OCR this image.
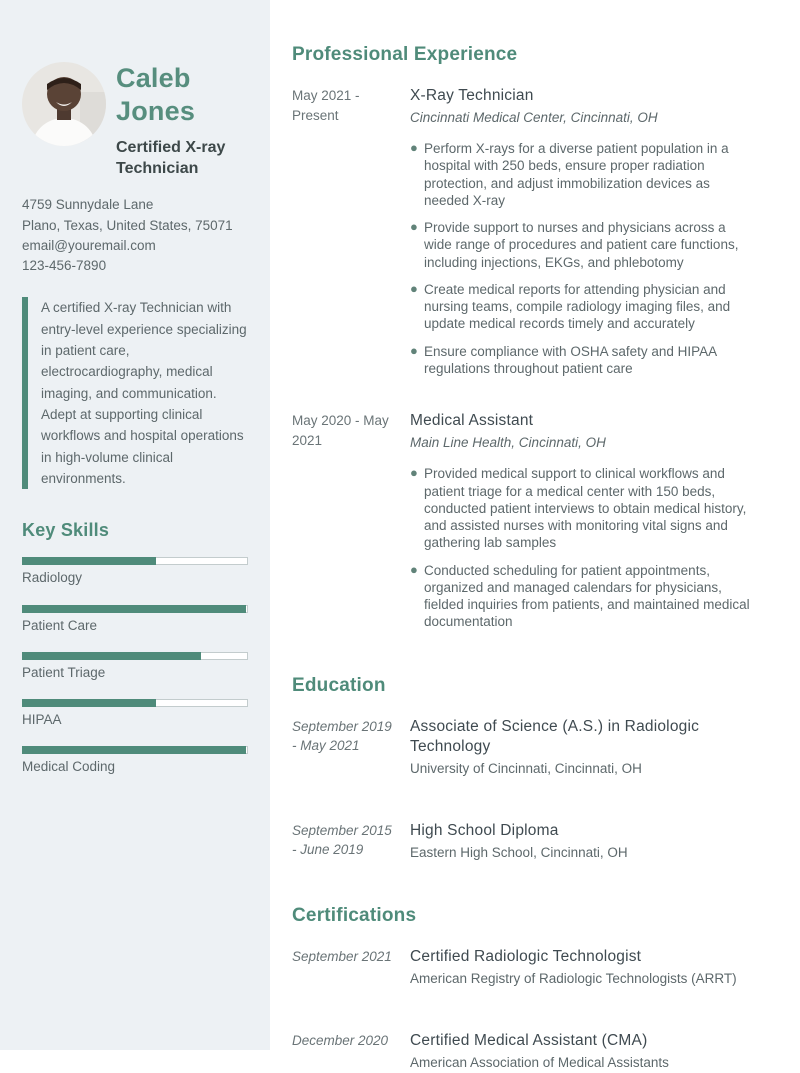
Caleb Jones
Certified X-ray Technician
4759 Sunnydale Lane
Plano, Texas, United States, 75071
email@youremail.com
123-456-7890

A certified X-ray Technician with entry-level experience specializing in patient care, electrocardiography, medical imaging, and communication. Adept at supporting clinical workflows and hospital operations in high-volume clinical environments.

Key Skills
Radiology
Patient Care
Patient Triage
HIPAA
Medical Coding
Professional Experience
May 2021 - Present
X-Ray Technician
Cincinnati Medical Center, Cincinnati, OH
● Perform X-rays for a diverse patient population in a hospital with 250 beds, ensure proper radiation protection, and adjust immobilization devices as needed X-ray
● Provide support to nurses and physicians across a wide range of procedures and patient care functions, including injections, EKGs, and phlebotomy
● Create medical reports for attending physician and nursing teams, compile radiology imaging files, and update medical records timely and accurately
● Ensure compliance with OSHA safety and HIPAA regulations throughout patient care
May 2020 - May 2021
Medical Assistant
Main Line Health, Cincinnati, OH
● Provided medical support to clinical workflows and patient triage for a medical center with 150 beds, conducted patient interviews to obtain medical history, and assisted nurses with monitoring vital signs and gathering lab samples
● Conducted scheduling for patient appointments, organized and managed calendars for physicians, fielded inquiries from patients, and maintained medical documentation
Education
September 2019 - May 2021
Associate of Science (A.S.) in Radiologic Technology
University of Cincinnati, Cincinnati, OH
September 2015 - June 2019
High School Diploma
Eastern High School, Cincinnati, OH
Certifications
September 2021	Certified Radiologic Technologist
American Registry of Radiologic Technologists (ARRT)
December 2020	Certified Medical Assistant (CMA)
American Association of Medical Assistants
